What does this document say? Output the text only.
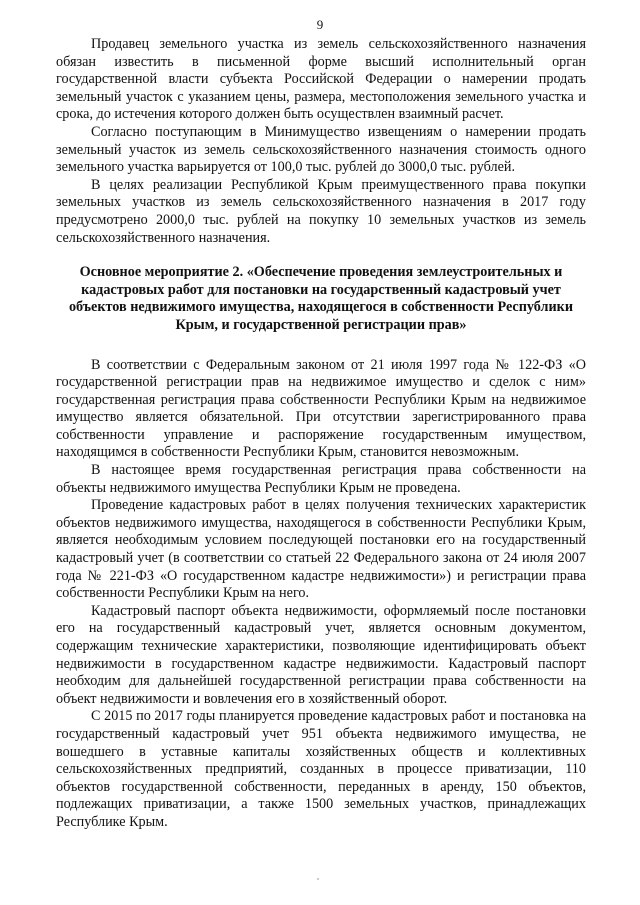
9

Продавец земельного участка из земель сельскохозяйственного назначения обязан известить в письменной форме высший исполнительный орган государственной власти субъекта Российской Федерации о намерении продать земельный участок с указанием цены, размера, местоположения земельного участка и срока, до истечения которого должен быть осуществлен взаимный расчет.

Согласно поступающим в Минимущество извещениям о намерении продать земельный участок из земель сельскохозяйственного назначения стоимость одного земельного участка варьируется от 100,0 тыс. рублей до 3000,0 тыс. рублей.

В целях реализации Республикой Крым преимущественного права покупки земельных участков из земель сельскохозяйственного назначения в 2017 году предусмотрено 2000,0 тыс. рублей на покупку 10 земельных участков из земель сельскохозяйственного назначения.

Основное мероприятие 2. «Обеспечение проведения землеустроительных и кадастровых работ для постановки на государственный кадастровый учет объектов недвижимого имущества, находящегося в собственности Республики Крым, и государственной регистрации прав»

В соответствии с Федеральным законом от 21 июля 1997 года № 122-ФЗ «О государственной регистрации прав на недвижимое имущество и сделок с ним» государственная регистрация права собственности Республики Крым на недвижимое имущество является обязательной. При отсутствии зарегистрированного права собственности управление и распоряжение государственным имуществом, находящимся в собственности Республики Крым, становится невозможным.

В настоящее время государственная регистрация права собственности на объекты недвижимого имущества Республики Крым не проведена.

Проведение кадастровых работ в целях получения технических характеристик объектов недвижимого имущества, находящегося в собственности Республики Крым, является необходимым условием последующей постановки его на государственный кадастровый учет (в соответствии со статьей 22 Федерального закона от 24 июля 2007 года № 221-ФЗ «О государственном кадастре недвижимости») и регистрации права собственности Республики Крым на него.

Кадастровый паспорт объекта недвижимости, оформляемый после постановки его на государственный кадастровый учет, является основным документом, содержащим технические характеристики, позволяющие идентифицировать объект недвижимости в государственном кадастре недвижимости. Кадастровый паспорт необходим для дальнейшей государственной регистрации права собственности на объект недвижимости и вовлечения его в хозяйственный оборот.

С 2015 по 2017 годы планируется проведение кадастровых работ и постановка на государственный кадастровый учет 951 объекта недвижимого имущества, не вошедшего в уставные капиталы хозяйственных обществ и коллективных сельскохозяйственных предприятий, созданных в процессе приватизации, 110 объектов государственной собственности, переданных в аренду, 150 объектов, подлежащих приватизации, а также 1500 земельных участков, принадлежащих Республике Крым.
